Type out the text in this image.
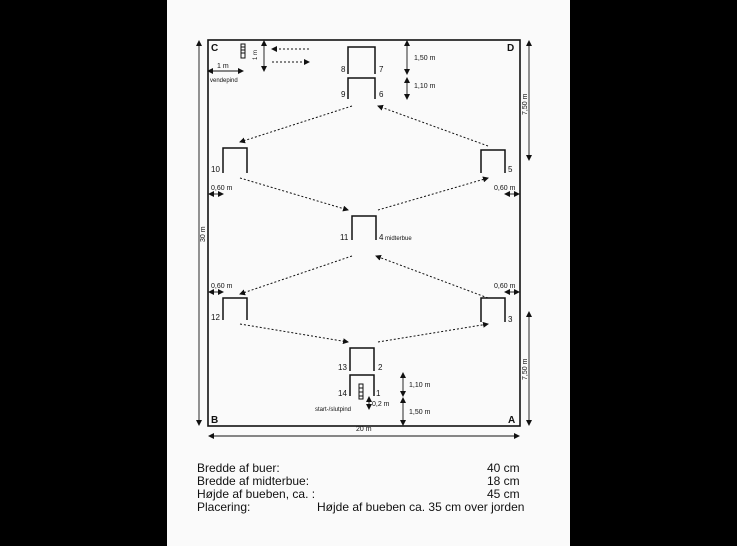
C	D
B	A
1 m
vendepind
1 m
8	7
9	6
1,50 m
1,10 m
7,50 m
10	5
0,60 m	0,60 m
11	4 midterbue
30 m
0,60 m	0,60 m
12	3
13	2
14	1
start-/slutpind
0,2 m
1,10 m
1,50 m
7,50 m
20 m
Bredde af buer:	40 cm
Bredde af midterbue:	18 cm
Højde af bueben, ca. :	45 cm
Placering:	Højde af bueben ca. 35 cm over jorden
